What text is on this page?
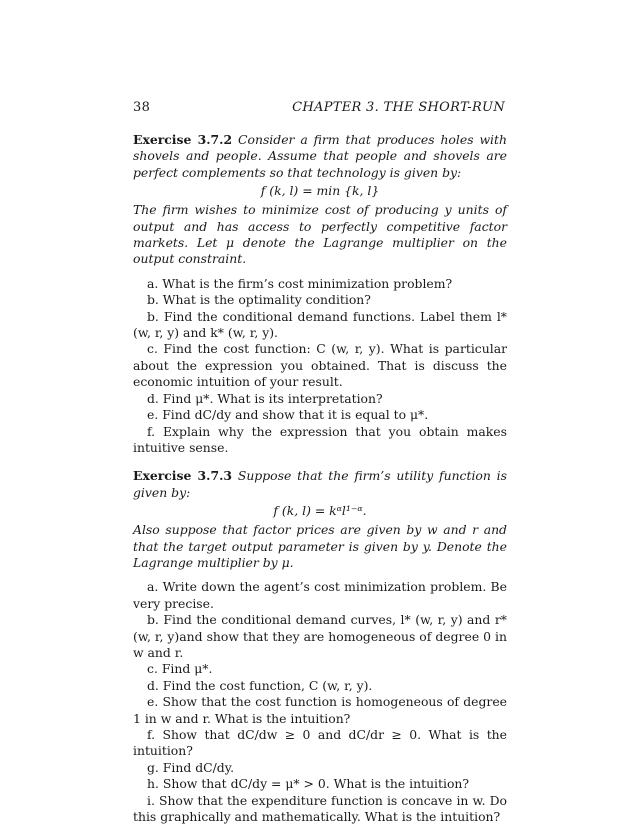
38	CHAPTER 3. THE SHORT-RUN

Exercise 3.7.2 Consider a firm that produces holes with shovels and people. Assume that people and shovels are perfect complements so that technology is given by:

f (k, l) = min {k, l}

The firm wishes to minimize cost of producing y units of output and has access to perfectly competitive factor markets. Let μ denote the Lagrange multiplier on the output constraint.

a. What is the firm’s cost minimization problem?

b. What is the optimality condition?

b. Find the conditional demand functions. Label them l* (w, r, y) and k* (w, r, y).

c. Find the cost function: C (w, r, y). What is particular about the expression you obtained. That is discuss the economic intuition of your result.

d. Find μ*. What is its interpretation?

e. Find dC/dy and show that it is equal to μ*.

f. Explain why the expression that you obtain makes intuitive sense.

Exercise 3.7.3 Suppose that the firm’s utility function is given by:

f (k, l) = kᵅl¹⁻ᵅ.

Also suppose that factor prices are given by w and r and that the target output parameter is given by y. Denote the Lagrange multiplier by μ.

a. Write down the agent’s cost minimization problem. Be very precise.

b. Find the conditional demand curves, l* (w, r, y) and r* (w, r, y)and show that they are homogeneous of degree 0 in w and r.

c. Find μ*.

d. Find the cost function, C (w, r, y).

e. Show that the cost function is homogeneous of degree 1 in w and r. What is the intuition?

f. Show that dC/dw ≥ 0 and dC/dr ≥ 0. What is the intuition?

g. Find dC/dy.

h. Show that dC/dy = μ* > 0. What is the intuition?

i. Show that the expenditure function is concave in w. Do this graphically and mathematically. What is the intuition?
